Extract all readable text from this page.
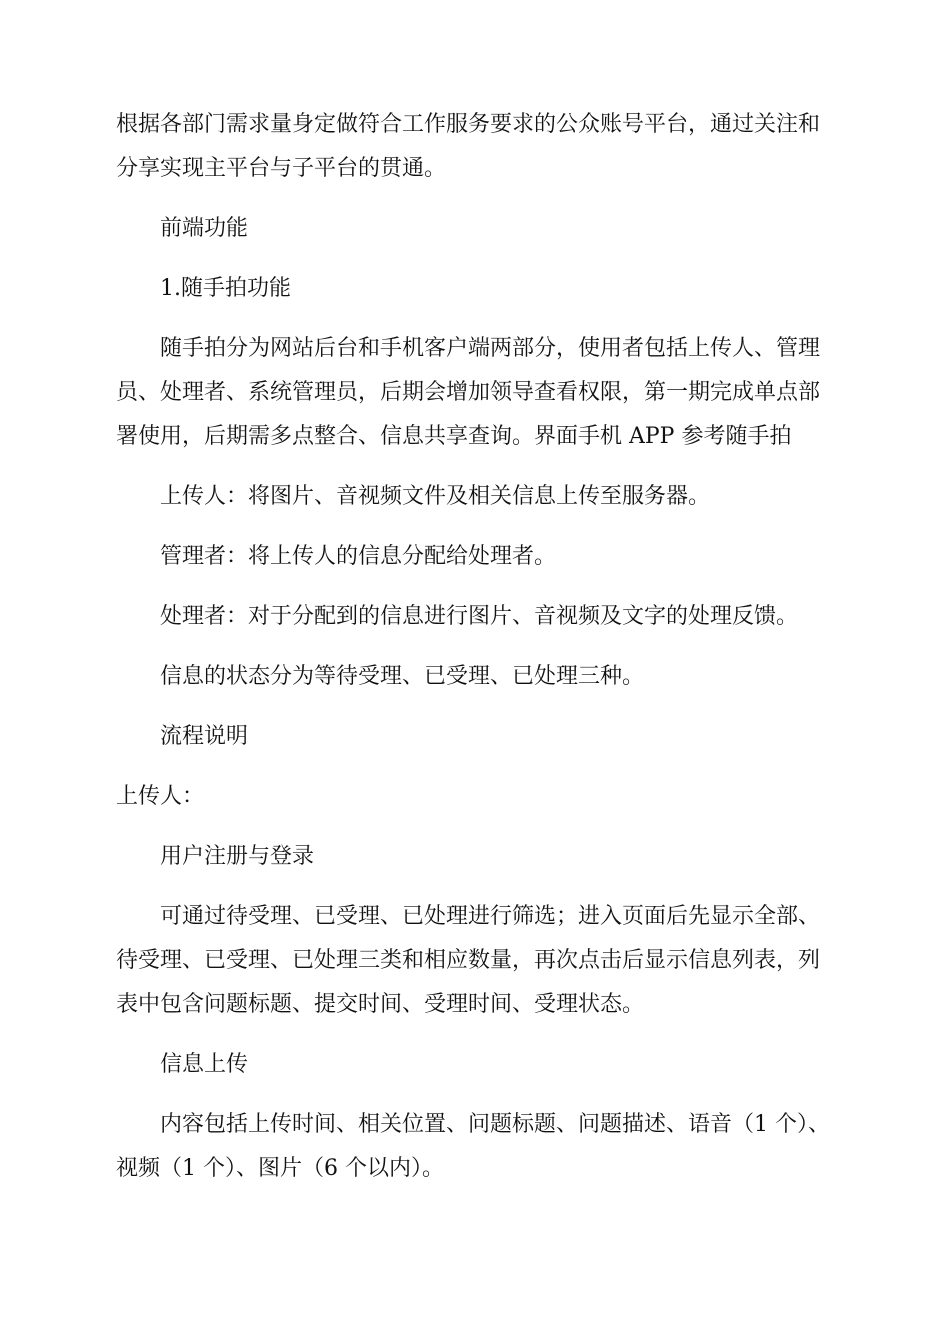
根据各部门需求量身定做符合工作服务要求的公众账号平台，通过关注和分享实现主平台与子平台的贯通。

前端功能

1.随手拍功能

随手拍分为网站后台和手机客户端两部分，使用者包括上传人、管理员、处理者、系统管理员，后期会增加领导查看权限，第一期完成单点部署使用，后期需多点整合、信息共享查询。界面手机 APP 参考随手拍

上传人：将图片、音视频文件及相关信息上传至服务器。

管理者：将上传人的信息分配给处理者。

处理者：对于分配到的信息进行图片、音视频及文字的处理反馈。

信息的状态分为等待受理、已受理、已处理三种。

流程说明

上传人：

用户注册与登录

可通过待受理、已受理、已处理进行筛选；进入页面后先显示全部、待受理、已受理、已处理三类和相应数量，再次点击后显示信息列表，列表中包含问题标题、提交时间、受理时间、受理状态。

信息上传

内容包括上传时间、相关位置、问题标题、问题描述、语音（1 个）、视频（1 个）、图片（6 个以内）。
